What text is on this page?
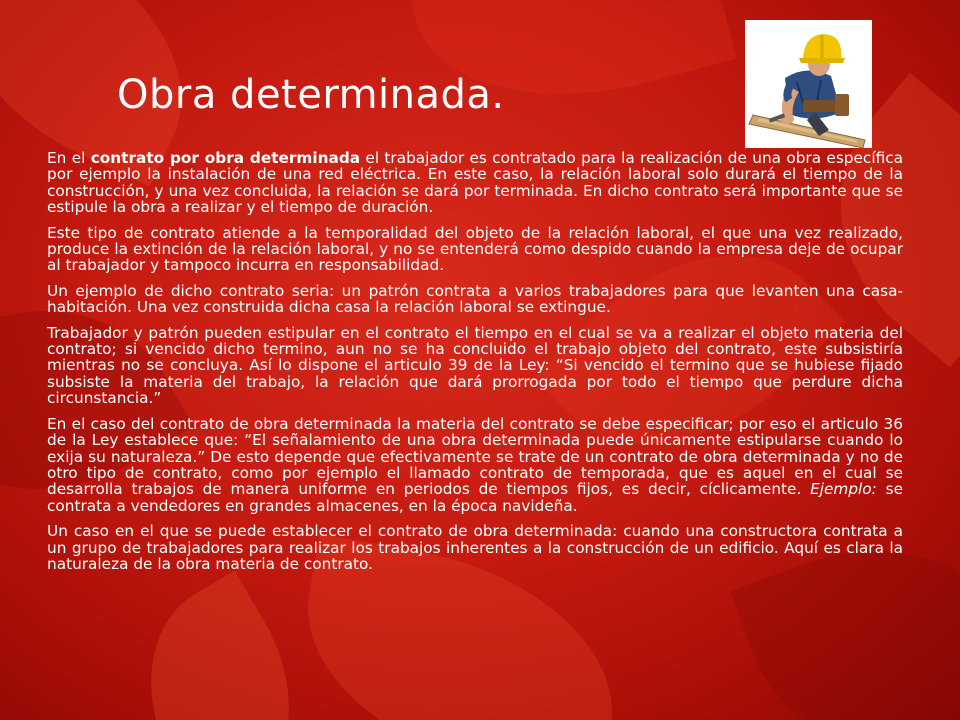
Obra determinada.

En el contrato por obra determinada el trabajador es contratado para la realización de una obra específica por ejemplo la instalación de una red eléctrica. En este caso, la relación laboral solo durará el tiempo de la construcción, y una vez concluida, la relación se dará por terminada. En dicho contrato será importante que se estipule la obra a realizar y el tiempo de duración.

Este tipo de contrato atiende a la temporalidad del objeto de la relación laboral, el que una vez realizado, produce la extinción de la relación laboral, y no se entenderá como despido cuando la empresa deje de ocupar al trabajador y tampoco incurra en responsabilidad.

Un ejemplo de dicho contrato seria: un patrón contrata a varios trabajadores para que levanten una casa-habitación. Una vez construida dicha casa la relación laboral se extingue.

Trabajador y patrón pueden estipular en el contrato el tiempo en el cual se va a realizar el objeto materia del contrato; si vencido dicho termino, aun no se ha concluido el trabajo objeto del contrato, este subsistiría mientras no se concluya. Así lo dispone el articulo 39 de la Ley: “Si vencido el termino que se hubiese fijado subsiste la materia del trabajo, la relación que dará prorrogada por todo el tiempo que perdure dicha circunstancia.”

En el caso del contrato de obra determinada la materia del contrato se debe especificar; por eso el articulo 36 de la Ley establece que: “El señalamiento de una obra determinada puede únicamente estipularse cuando lo exija su naturaleza.” De esto depende que efectivamente se trate de un contrato de obra determinada y no de otro tipo de contrato, como por ejemplo el llamado contrato de temporada, que es aquel en el cual se desarrolla trabajos de manera uniforme en periodos de tiempos fijos, es decir, cíclicamente. Ejemplo: se contrata a vendedores en grandes almacenes, en la época navideña.

Un caso en el que se puede establecer el contrato de obra determinada: cuando una constructora contrata a un grupo de trabajadores para realizar los trabajos inherentes a la construcción de un edificio. Aquí es clara la naturaleza de la obra materia de contrato.
